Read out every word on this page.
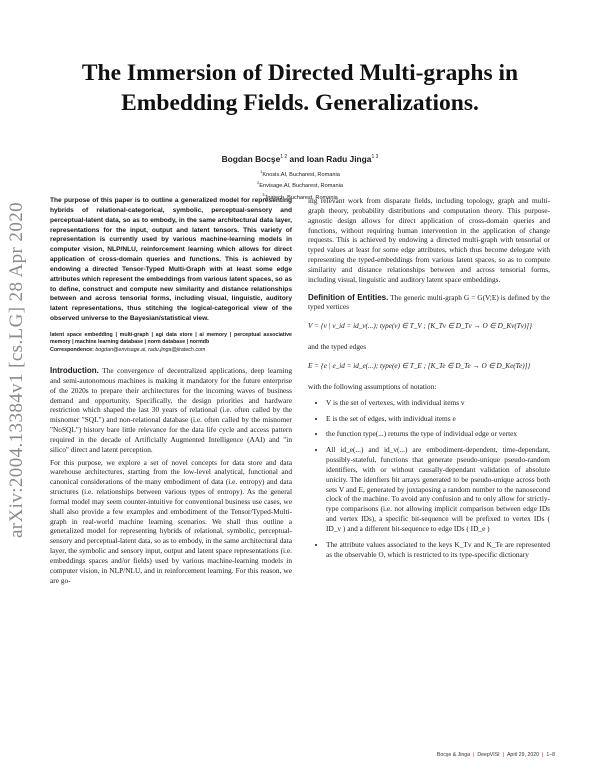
arXiv:2004.13384v1 [cs.LG] 28 Apr 2020
The Immersion of Directed Multi-graphs in Embedding Fields. Generalizations.
Bogdan Bocşe$^{1 2}$ and Ioan Radu Jinga$^{1 3}$
$^1$Knosis.AI, Bucharest, Romania
$^2$Envisage.AI, Bucharest, Romania
$^3$Jiratech, Bucharest, Romania

The purpose of this paper is to outline a generalized model for representing hybrids of relational-categorical, symbolic, perceptual-sensory and perceptual-latent data, so as to embody, in the same architectural data layer, representations for the input, output and latent tensors. This variety of representation is currently used by various machine-learning models in computer vision, NLP/NLU, reinforcement learning which allows for direct application of cross-domain queries and functions. This is achieved by endowing a directed Tensor-Typed Multi-Graph with at least some edge attributes which represent the embeddings from various latent spaces, so as to define, construct and compute new similarity and distance relationships between and across tensorial forms, including visual, linguistic, auditory latent representations, thus stitching the logical-categorical view of the observed universe to the Bayesian/statistical view.

latent space embedding | multi-graph | agi data store | ai memory | perceptual associative memory | machine learning database | norm database | normdb

Correspondence: bogdan@envisage.ai, radu.jinga@jiratech.com

Introduction. The convergence of decentralized applications, deep learning and semi-autonomous machines is making it mandatory for the future enterprise of the 2020s to prepare their architectures for the incoming waves of business demand and opportunity. Specifically, the design priorities and hardware restriction which shaped the last 30 years of relational (i.e. often called by the misnomer "SQL") and non-relational database (i.e. often called by the misnomer "NoSQL") history bare little relevance for the data life cycle and access pattern required in the decade of Artificially Augmented Intelligence (AAI) and "in silico" direct and latent perception.

For this purpose, we explore a set of novel concepts for data store and data warehouse architectures, starting from the low-level analytical, functional and canonical considerations of the many embodiment of data (i.e. entropy) and data structures (i.e. relationships between various types of entropy). As the general formal model may seem counter-intuitive for conventional business use cases, we shall also provide a few examples and embodiment of the Tensor/Typed-Multi-graph in real-world machine learning scenarios. We shall thus outline a generalized model for representing hybrids of relational, symbolic, perceptual-sensory and perceptual-latent data, so as to embody, in the same architectural data layer, the symbolic and sensory input, output and latent space representations (i.e. embeddings spaces and/or fields) used by various machine-learning models in computer vision, in NLP/NLU, and in reinforcement learning. For this reason, we are go-

ing relevant work from disparate fields, including topology, graph and multi-graph theory, probability distributions and computation theory. This purpose-agnostic design allows for direct application of cross-domain queries and functions, without requiring human intervention in the application of change requests. This is achieved by endowing a directed multi-graph with tensorial or typed values at least for some edge attributes, which thus become delegate with representing the typed-embeddings from various latent spaces, so as to compute similarity and distance relationships between and across tensorial forms, including visual, linguistic and auditory latent space embeddings.

Definition of Entities. The generic multi-graph G = G(V;E) is defined by the typed vertices

V = {v | v_id = id_v(...); type(v) ∈ T_V ; [K_Tv ∈ D_Tv → O ∈ D_Kv(Tv)]}

and the typed edges

E = {e | e_id = id_e(...); type(e) ∈ T_E ; [K_Te ∈ D_Te → O ∈ D_Ke(Te)]}

with the following assumptions of notation:

• V is the set of vertexes, with individual items v
• E is the set of edges, with individual items e
• the function type(...) returns the type of individual edge or vertex
• All id_e(...) and id_v(...) are embodiment-dependent, time-dependant, possibly-stateful, functions that generate pseudo-unique pseudo-random identifiers, with or without causally-dependant validation of absolute unicity. The idenfiers bit arrays generated to be pseudo-unique across both sets V and E, generated by juxtaposing a random number to the nanosecond clock of the machine. To avoid any confusion and to only allow for strictly-type comparisons (i.e. not allowing implicit comparison between edge IDs and vertex IDs), a specific bit-sequence will be prefixed to vertex IDs ( ID_v ) and a different bit-sequence to edge IDs ( ID_e )
• The attribute values associated to the keys K_Tv and K_Te are represented as the observable O, which is restricted to its type-specific dictionary
Bocşe & Jinga | DeepVISI | April 29, 2020 | 1–8
